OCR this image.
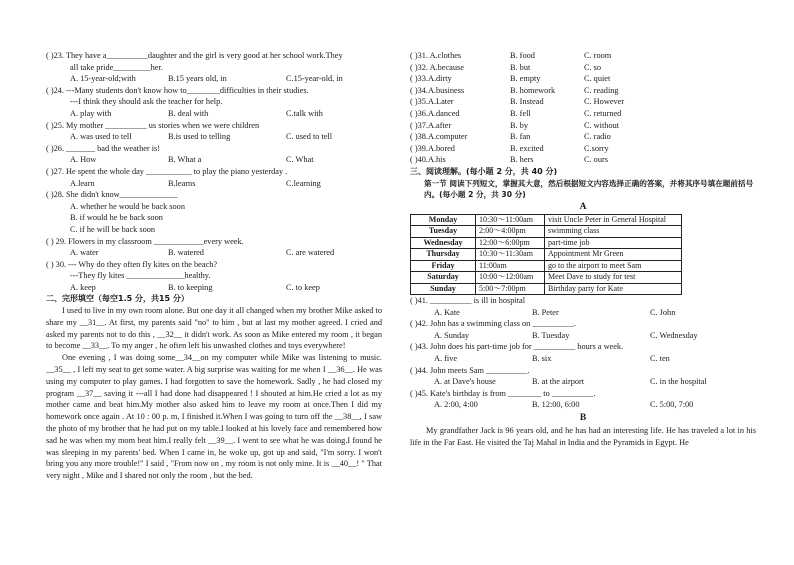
( )23. They have a__________daughter and the girl is very good at her school work.They
all take pride_________her.
A. 15-year-old;with	B.15 years old, in	C.15-year-old, in
( )24. ---Many students don't know how to________difficulties in their studies.
---I think they should ask the teacher for help.
A. play with	B. deal with	C.talk with
( )25. My mother __________ us stories when we were children
A. was used to tell	B.is used to telling	C. used to tell
( )26. _______ bad the weather is!
A. How	B. What a	C. What
( )27. He spent the whole day ___________ to play the piano yesterday .
A.learn	B.learns	C.learning
( )28. She didn't know______________
A. whether he would be back soon
B. if would he be back soon
C. if he will be back soon
( ) 29. Flowers in my classroom ____________every week.
A. water	B. watered	C. are watered
( ) 30. --- Why do they often fly kites on the beach?
---They fly kites ______________healthy.
A. keep	B. to keeping	C. to keep
二、完形填空（每空1.5 分，共15 分）

I used to live in my own room alone. But one day it all changed when my brother Mike asked to share my __31__. At first, my parents said "no" to him , but at last my mother agreed. I cried and asked my parents not to do this , __32__ it didn't work. As soon as Mike entered my room , it began to become __33__. To my anger , he often left his unwashed clothes and toys everywhere!

One evening , I was doing some__34__on my computer while Mike was listening to music. __35__ , I left my seat to get some water. A big surprise was waiting for me when I __36__. He was using my computer to play games. I had forgotten to save the homework. Sadly , he had closed my program __37__ saving it ---all I had done had disappeared ! I shouted at him.He cried a lot as my mother came and beat him.My mother also asked him to leave my room at once.Then I did my homework once again . At 10 : 00 p. m, I finished it.When I was going to turn off the __38__, I saw the photo of my brother that he had put on my table.I looked at his lovely face and remembered how sad he was when my mom beat him.I really felt __39__. I went to see what he was doing.I found he was sleeping in my parents' bed. When I came in, he woke up, got up and said, "I'm sorry. I won't bring you any more trouble!" I said , "From now on , my room is not only mine. It is __40__! " That very night , Mike and I shared not only the room , but the bed.

( )31. A.clothes	B. food	C. room
( )32. A.because	B. but	C. so
( )33.A.dirty	B. empty	C. quiet
( )34.A.business	B. homework	C. reading
( )35.A.Later	B. Instead	C. However
( )36.A.danced	B. fell	C. returned
( )37.A.after	B. by	C. without
( )38.A.computer	B. fan	C. radio
( )39.A.bored	B. excited	C.sorry
( )40.A.his	B. hers	C. ours
三、阅读理解。(每小题 2 分，共 40 分)
第一节 阅读下列短文，掌握其大意，然后根据短文内容选择正确的答案，并将其序号填在题前括号内。(每小题 2 分，共 30 分)
A
Monday	10:30～11:00am	visit Uncle Peter in General Hospital
Tuesday	2:00～4:00pm	swimming class
Wednesday	12:00～6:00pm	part-time job
Thursday	10:30～11:30am	Appointment Mr Green
Friday	11:00am	go to the airport to meet Sam
Saturday	10:00～12:00am	Meet Dave to study for test
Sunday	5:00～7:00pm	Birthday party for Kate
( )41. __________ is ill in hospital
A. Kate	B. Peter	C. John
( )42. John has a swimming class on __________.
A. Sunday	B. Tuesday	C. Wednesday
( )43. John does his part-time job for __________ hours a week.
A. five	B. six	C. ten
( )44. John meets Sam __________.
A. at Dave's house	B. at the airport	C. in the hospital
( )45. Kate's birthday is from ________ to __________.
A. 2:00, 4:00	B. 12:00, 6:00	C. 5:00, 7:00
B

My grandfather Jack is 96 years old, and he has had an interesting life. He has traveled a lot in his life in the Far East. He visited the Taj Mahal in India and the Pyramids in Egypt. He
